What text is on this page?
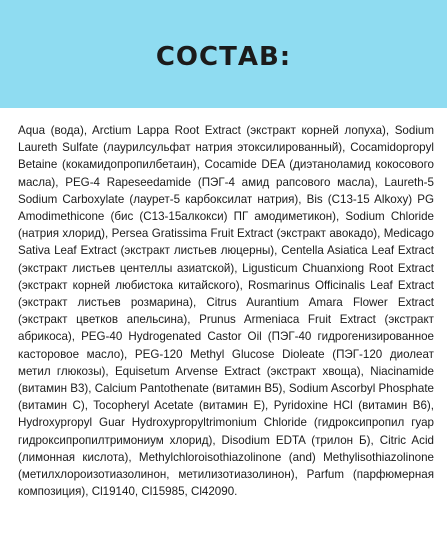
СОСТАВ:
Aqua (вода), Arctium Lappa Root Extract (экстракт корней лопуха), Sodium Laureth Sulfate (лаурилсульфат натрия этоксилированный), Cocamidopropyl Betaine (кокамидопропилбетаин), Cocamide DEA (диэтаноламид кокосового масла), PEG-4 Rapeseedamide (ПЭГ-4 амид рапсового масла), Laureth-5 Sodium Carboxylate (лаурет-5 карбоксилат натрия), Bis (C13-15 Alkoxy) PG Amodimethicone (бис (C13-15алкокси) ПГ амодиметикон), Sodium Chloride (натрия хлорид), Persea Gratissima Fruit Extract (экстракт авокадо), Medicago Sativa Leaf Extract (экстракт листьев люцерны), Centella Asiatica Leaf Extract (экстракт листьев центеллы азиатской), Ligusticum Chuanxiong Root Extract (экстракт корней любистока китайского), Rosmarinus Officinalis Leaf Extract (экстракт листьев розмарина), Citrus Aurantium Amara Flower Extract (экстракт цветков апельсина), Prunus Armeniaca Fruit Extract (экстракт абрикоса), PEG-40 Hydrogenated Castor Oil (ПЭГ-40 гидрогенизированное касторовое масло), PEG-120 Methyl Glucose Dioleate (ПЭГ-120 диолеат метил глюкозы), Equisetum Arvense Extract (экстракт хвоща), Niacinamide (витамин B3), Calcium Pantothenate (витамин B5), Sodium Ascorbyl Phosphate (витамин C), Tocopheryl Acetate (витамин E), Pyridoxine HCl (витамин B6), Hydroxypropyl Guar Hydroxypropyltrimonium Chloride (гидроксипропил гуар гидроксипропилтримониум хлорид), Disodium EDTA (трилон Б), Citric Acid (лимонная кислота), Methylchloroisothiazolinone (and) Methylisothiazolinone (метилхлороизотиазолинон, метилизотиазолинон), Parfum (парфюмерная композиция), Cl19140, Cl15985, Cl42090.
